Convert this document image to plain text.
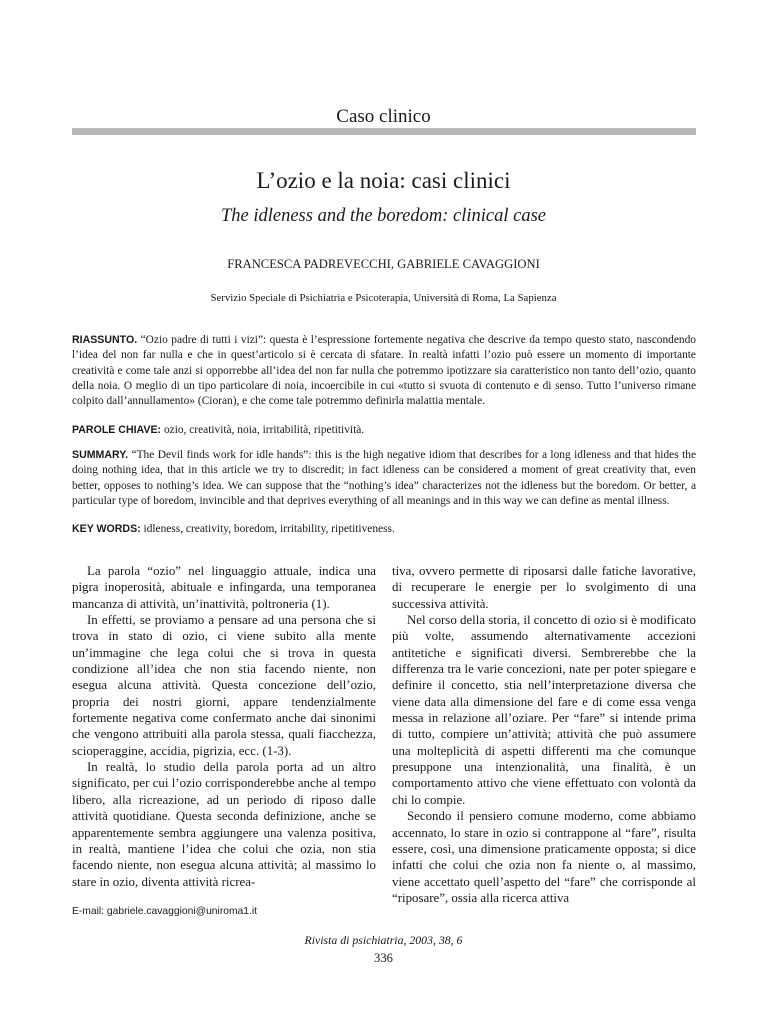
Caso clinico
L’ozio e la noia: casi clinici
The idleness and the boredom: clinical case
FRANCESCA PADREVECCHI, GABRIELE CAVAGGIONI
Servizio Speciale di Psichiatria e Psicoterapia, Università di Roma, La Sapienza
RIASSUNTO. “Ozio padre di tutti i vizi”: questa è l’espressione fortemente negativa che descrive da tempo questo stato, nascondendo l’idea del non far nulla e che in quest’articolo si è cercata di sfatare. In realtà infatti l’ozio può essere un momento di importante creatività e come tale anzi si opporrebbe all’idea del non far nulla che potremmo ipotizzare sia caratteristico non tanto dell’ozio, quanto della noia. O meglio di un tipo particolare di noia, incoercibile in cui «tutto si svuota di contenuto e di senso. Tutto l’universo rimane colpito dall’annullamento» (Cioran), e che come tale potremmo definirla malattia mentale.
PAROLE CHIAVE: ozio, creatività, noia, irritabilità, ripetitività.
SUMMARY. “The Devil finds work for idle hands”: this is the high negative idiom that describes for a long idleness and that hides the doing nothing idea, that in this article we try to discredit; in fact idleness can be considered a moment of great creativity that, even better, opposes to nothing’s idea. We can suppose that the “nothing’s idea” characterizes not the idleness but the boredom. Or better, a particular type of boredom, invincible and that deprives everything of all meanings and in this way we can define as mental illness.
KEY WORDS: idleness, creativity, boredom, irritability, ripetitiveness.

La parola “ozio” nel linguaggio attuale, indica una pigra inoperosità, abituale e infingarda, una temporanea mancanza di attività, un’inattività, poltroneria (1).

In effetti, se proviamo a pensare ad una persona che si trova in stato di ozio, ci viene subito alla mente un’immagine che lega colui che si trova in questa condizione all’idea che non stia facendo niente, non esegua alcuna attività. Questa concezione dell’ozio, propria dei nostri giorni, appare tendenzialmente fortemente negativa come confermato anche dai sinonimi che vengono attribuiti alla parola stessa, quali fiacchezza, scioperaggine, accidia, pigrizia, ecc. (1-3).

In realtà, lo studio della parola porta ad un altro significato, per cui l’ozio corrisponderebbe anche al tempo libero, alla ricreazione, ad un periodo di riposo dalle attività quotidiane. Questa seconda definizione, anche se apparentemente sembra aggiungere una valenza positiva, in realtà, mantiene l’idea che colui che ozia, non stia facendo niente, non esegua alcuna attività; al massimo lo stare in ozio, diventa attività ricrea-

tiva, ovvero permette di riposarsi dalle fatiche lavorative, di recuperare le energie per lo svolgimento di una successiva attività.

Nel corso della storia, il concetto di ozio si è modificato più volte, assumendo alternativamente accezioni antitetiche e significati diversi. Sembrerebbe che la differenza tra le varie concezioni, nate per poter spiegare e definire il concetto, stia nell’interpretazione diversa che viene data alla dimensione del fare e di come essa venga messa in relazione all’oziare. Per “fare” si intende prima di tutto, compiere un’attività; attività che può assumere una molteplicità di aspetti differenti ma che comunque presuppone una intenzionalità, una finalità, è un comportamento attivo che viene effettuato con volontà da chi lo compie.

Secondo il pensiero comune moderno, come abbiamo accennato, lo stare in ozio si contrappone al “fare”, risulta essere, così, una dimensione praticamente opposta; si dice infatti che colui che ozia non fa niente o, al massimo, viene accettato quell’aspetto del “fare” che corrisponde al “riposare”, ossia alla ricerca attiva

E-mail: gabriele.cavaggioni@uniroma1.it
Rivista di psichiatria, 2003, 38, 6
336
